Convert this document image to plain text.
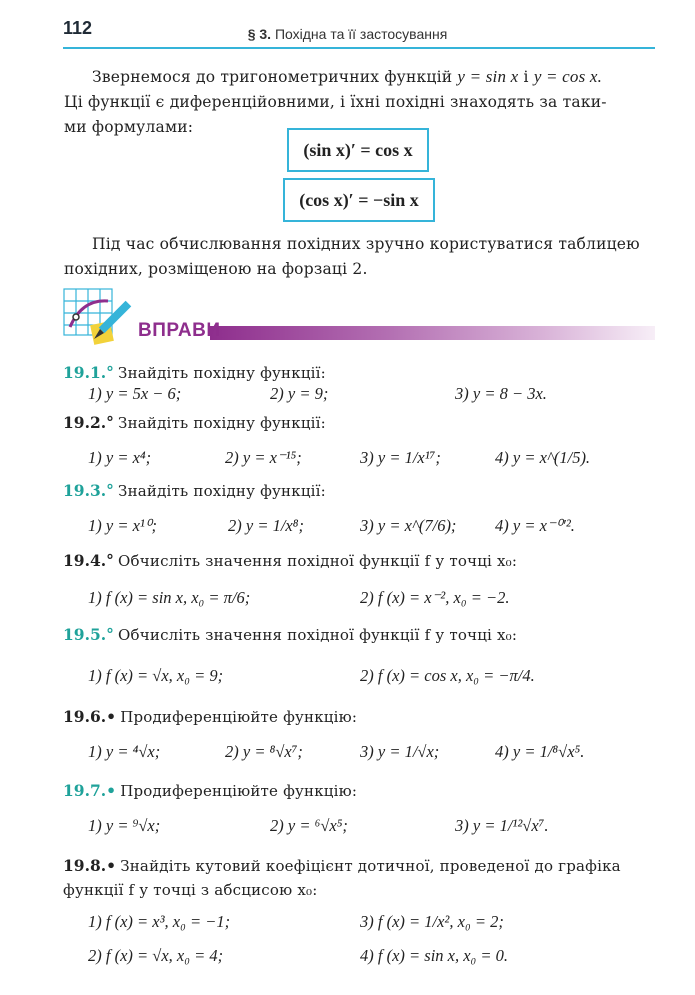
112	§ 3. Похідна та її застосування
Звернемося до тригонометричних функцій y = sin x і y = cos x.
Ці функції є диференційовними, і їхні похідні знаходять за таки-
ми формулами:
(sin x)′ = cos x
(cos x)′ = −sin x
Під час обчислювання похідних зручно користуватися таблицею
похідних, розміщеною на форзаці 2.
ВПРАВИ
19.1.° Знайдіть похідну функції:
1) y = 5x − 6;	2) y = 9;	3) y = 8 − 3x.
19.2.° Знайдіть похідну функції:
1) y = x⁴;	2) y = x⁻¹⁵;	3) y = 1/x¹⁷;	4) y = x^(1/5).
19.3.° Знайдіть похідну функції:
1) y = x¹⁰;	2) y = 1/x⁸;	3) y = x^(7/6); 4) y = x⁻⁰′².
19.4.° Обчисліть значення похідної функції f у точці x₀:
1) f (x) = sin x, x₀ = π/6;	2) f (x) = x⁻², x₀ = −2.
19.5.° Обчисліть значення похідної функції f у точці x₀:
1) f (x) = √x, x₀ = 9;	2) f (x) = cos x, x₀ = −π/4.
19.6.• Продиференціюйте функцію:
1) y = ⁴√x;	2) y = ⁸√x⁷;	3) y = 1/√x;	4) y = 1/⁸√x⁵.
19.7.• Продиференціюйте функцію:
1) y = ⁹√x;	2) y = ⁶√x⁵;	3) y = 1/¹²√x⁷.
19.8.• Знайдіть кутовий коефіцієнт дотичної, проведеної до графіка
функції f у точці з абсцисою x₀:
1) f (x) = x³, x₀ = −1;	3) f (x) = 1/x², x₀ = 2;
2) f (x) = √x, x₀ = 4;	4) f (x) = sin x, x₀ = 0.
